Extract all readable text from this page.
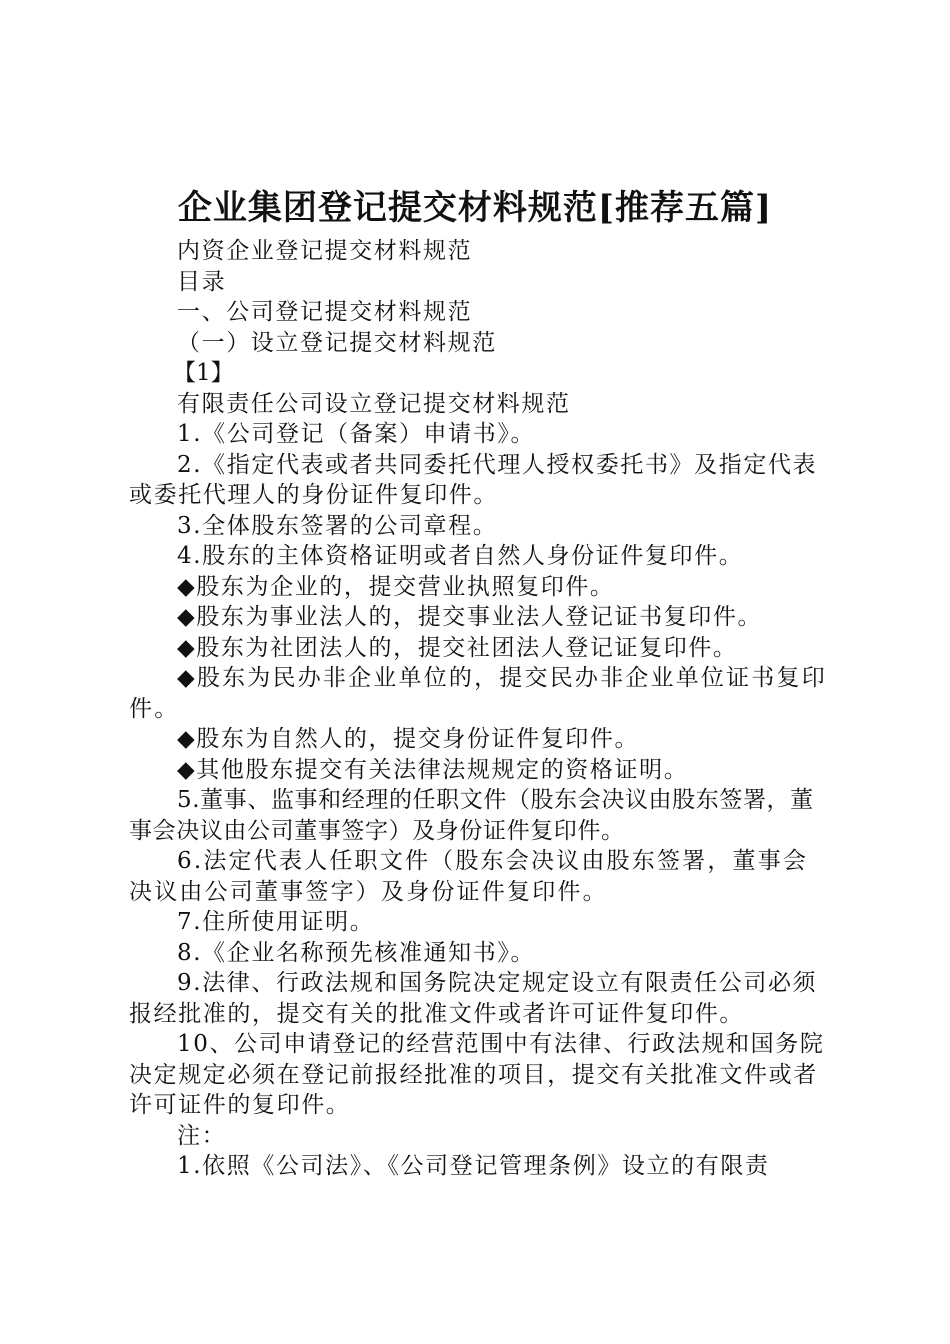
企业集团登记提交材料规范[推荐五篇]

内资企业登记提交材料规范

目录

一、公司登记提交材料规范

（一）设立登记提交材料规范

【1】

有限责任公司设立登记提交材料规范

1.《公司登记（备案）申请书》。

2.《指定代表或者共同委托代理人授权委托书》及指定代表或委托代理人的身份证件复印件。

3.全体股东签署的公司章程。

4.股东的主体资格证明或者自然人身份证件复印件。

◆股东为企业的，提交营业执照复印件。

◆股东为事业法人的，提交事业法人登记证书复印件。

◆股东为社团法人的，提交社团法人登记证复印件。

◆股东为民办非企业单位的，提交民办非企业单位证书复印件。

◆股东为自然人的，提交身份证件复印件。

◆其他股东提交有关法律法规规定的资格证明。

5.董事、监事和经理的任职文件（股东会决议由股东签署，董事会决议由公司董事签字）及身份证件复印件。

6.法定代表人任职文件（股东会决议由股东签署，董事会决议由公司董事签字）及身份证件复印件。

7.住所使用证明。

8.《企业名称预先核准通知书》。

9.法律、行政法规和国务院决定规定设立有限责任公司必须报经批准的，提交有关的批准文件或者许可证件复印件。

10、公司申请登记的经营范围中有法律、行政法规和国务院决定规定必须在登记前报经批准的项目，提交有关批准文件或者许可证件的复印件。

注：

1.依照《公司法》、《公司登记管理条例》设立的有限责
